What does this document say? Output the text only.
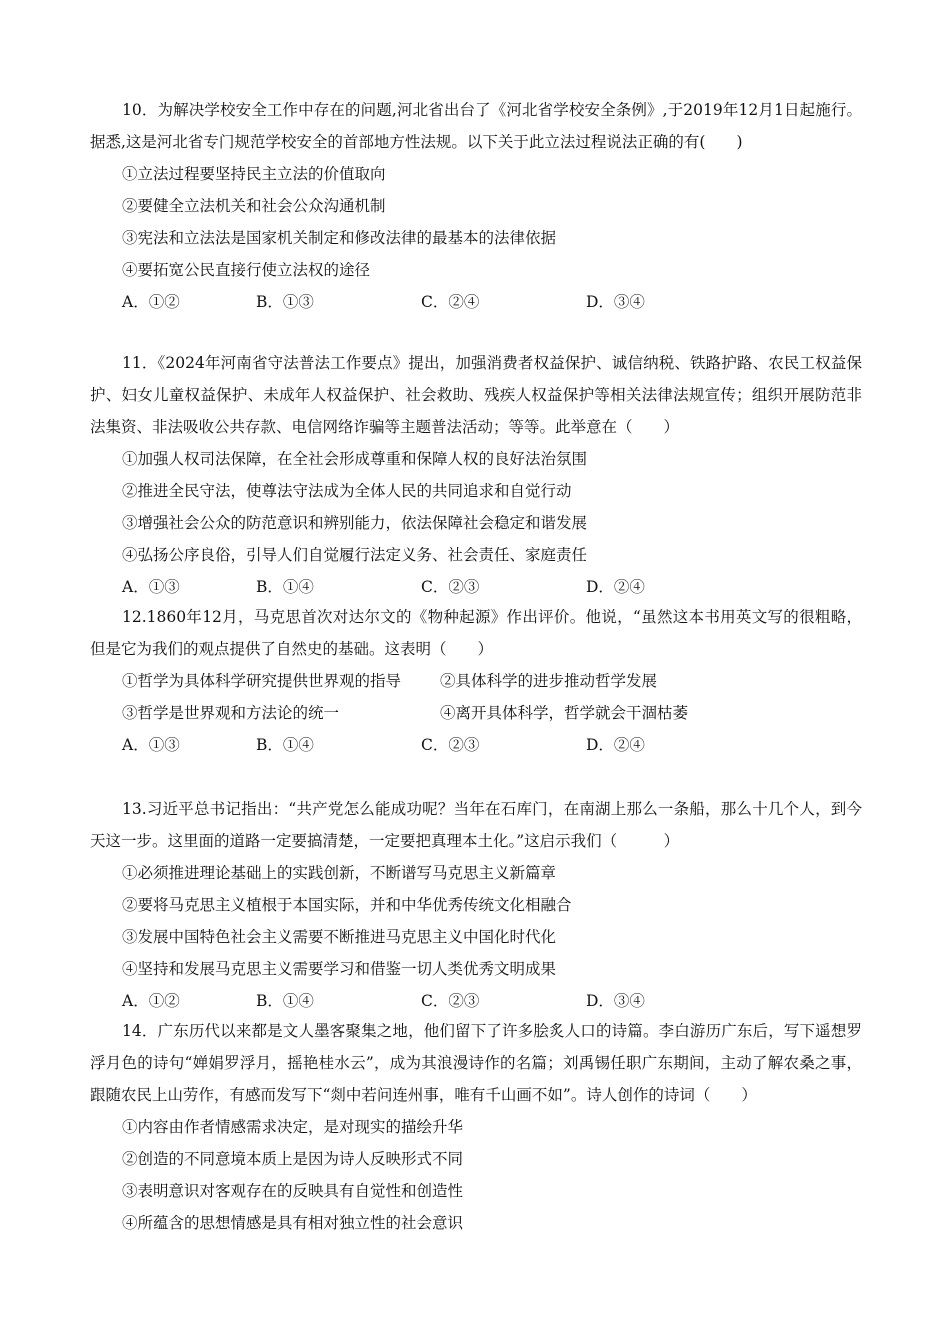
10．为解决学校安全工作中存在的问题,河北省出台了《河北省学校安全条例》,于2019年12月1日起施行。据悉,这是河北省专门规范学校安全的首部地方性法规。以下关于此立法过程说法正确的有(　　)

①立法过程要坚持民主立法的价值取向
②要健全立法机关和社会公众沟通机制
③宪法和立法法是国家机关制定和修改法律的最基本的法律依据
④要拓宽公民直接行使立法权的途径
A．①②	B．①③	C．②④	D．③④

11．《2024年河南省守法普法工作要点》提出，加强消费者权益保护、诚信纳税、铁路护路、农民工权益保护、妇女儿童权益保护、未成年人权益保护、社会救助、残疾人权益保护等相关法律法规宣传；组织开展防范非法集资、非法吸收公共存款、电信网络诈骗等主题普法活动；等等。此举意在（　　）

①加强人权司法保障，在全社会形成尊重和保障人权的良好法治氛围
②推进全民守法，使尊法守法成为全体人民的共同追求和自觉行动
③增强社会公众的防范意识和辨别能力，依法保障社会稳定和谐发展
④弘扬公序良俗，引导人们自觉履行法定义务、社会责任、家庭责任
A．①③	B．①④	C．②③	D．②④

12.1860年12月，马克思首次对达尔文的《物种起源》作出评价。他说，“虽然这本书用英文写的很粗略，但是它为我们的观点提供了自然史的基础。这表明（　　）

①哲学为具体科学研究提供世界观的指导	②具体科学的进步推动哲学发展
③哲学是世界观和方法论的统一	④离开具体科学，哲学就会干涸枯萎
A．①③	B．①④	C．②③	D．②④

13.习近平总书记指出：“共产党怎么能成功呢？当年在石库门，在南湖上那么一条船，那么十几个人，到今天这一步。这里面的道路一定要搞清楚，一定要把真理本土化。”这启示我们（　　　）

①必须推进理论基础上的实践创新，不断谱写马克思主义新篇章
②要将马克思主义植根于本国实际，并和中华优秀传统文化相融合
③发展中国特色社会主义需要不断推进马克思主义中国化时代化
④坚持和发展马克思主义需要学习和借鉴一切人类优秀文明成果
A．①②	B．①④	C．②③	D．③④

14．广东历代以来都是文人墨客聚集之地，他们留下了许多脍炙人口的诗篇。李白游历广东后，写下遥想罗浮月色的诗句“婵娟罗浮月，摇艳桂水云”，成为其浪漫诗作的名篇；刘禹锡任职广东期间，主动了解农桑之事，跟随农民上山劳作，有感而发写下“剡中若问连州事，唯有千山画不如”。诗人创作的诗词（　　）

①内容由作者情感需求决定，是对现实的描绘升华
②创造的不同意境本质上是因为诗人反映形式不同
③表明意识对客观存在的反映具有自觉性和创造性
④所蕴含的思想情感是具有相对独立性的社会意识
